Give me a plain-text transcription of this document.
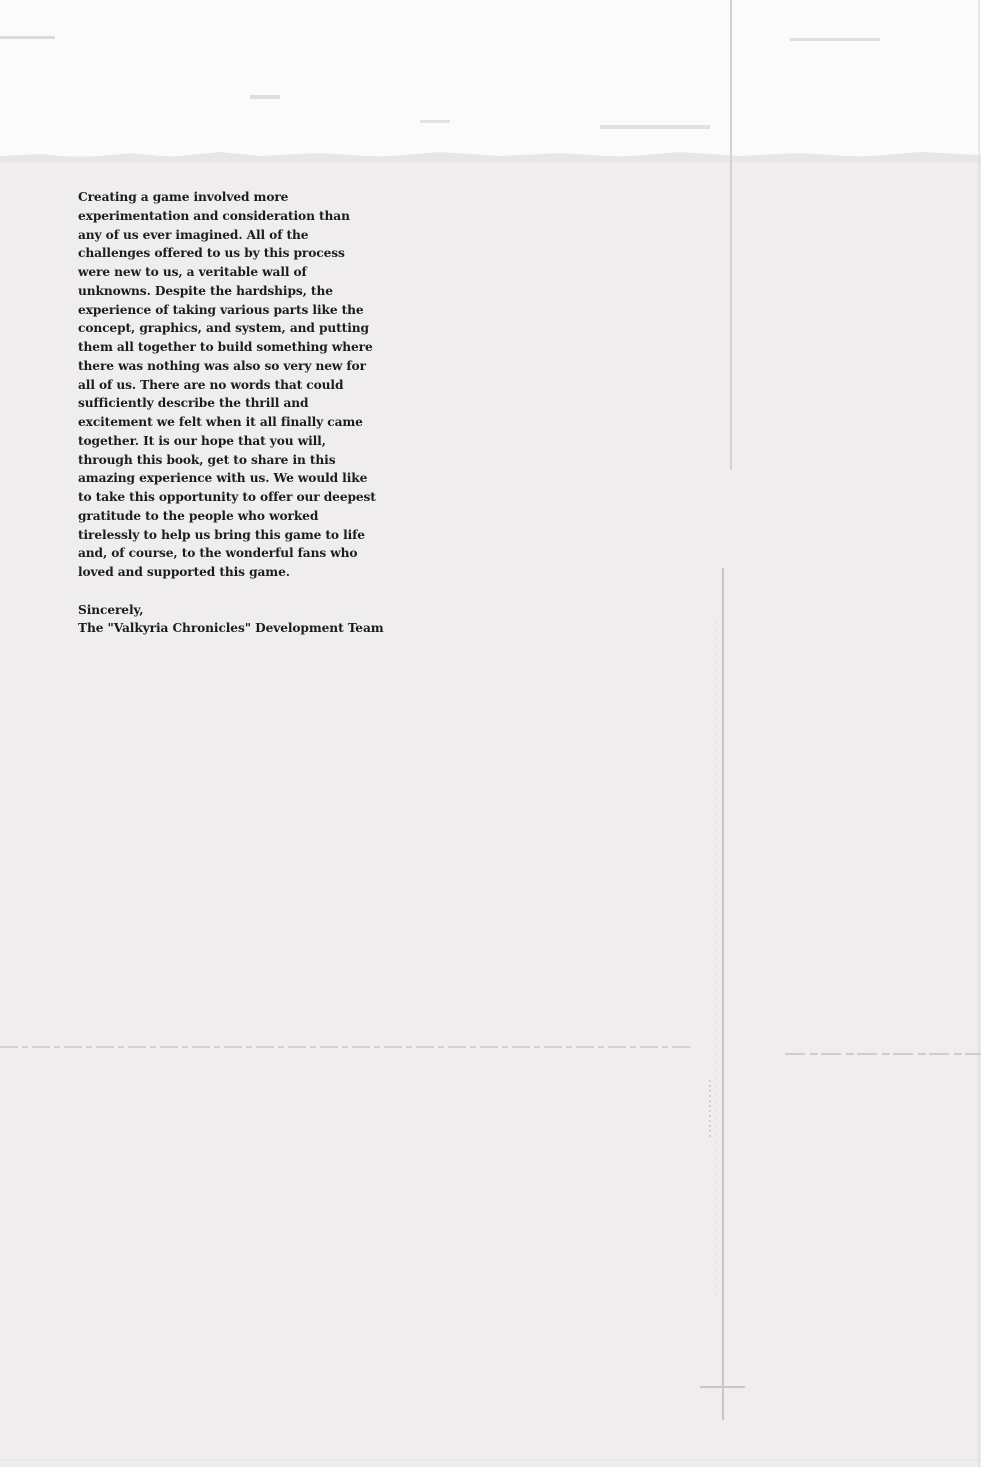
Creating a game involved more
experimentation and consideration than
any of us ever imagined. All of the
challenges offered to us by this process
were new to us, a veritable wall of
unknowns. Despite the hardships, the
experience of taking various parts like the
concept, graphics, and system, and putting
them all together to build something where
there was nothing was also so very new for
all of us. There are no words that could
sufficiently describe the thrill and
excitement we felt when it all finally came
together. It is our hope that you will,
through this book, get to share in this
amazing experience with us. We would like
to take this opportunity to offer our deepest
gratitude to the people who worked
tirelessly to help us bring this game to life
and, of course, to the wonderful fans who
loved and supported this game.
Sincerely,
The "Valkyria Chronicles" Development Team
